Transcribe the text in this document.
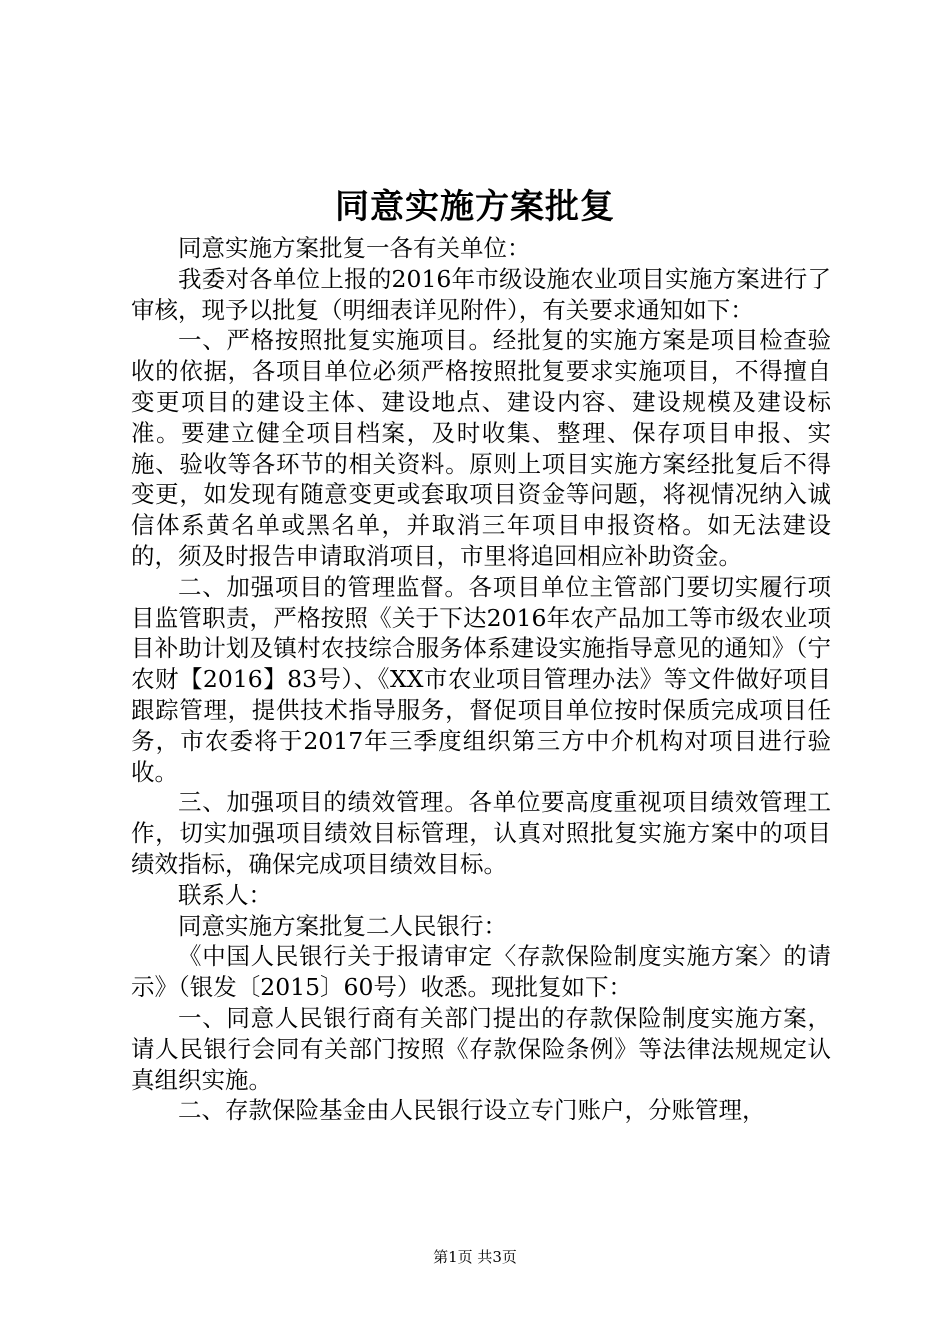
同意实施方案批复

同意实施方案批复一各有关单位：

我委对各单位上报的2016年市级设施农业项目实施方案进行了审核，现予以批复（明细表详见附件），有关要求通知如下：

一、严格按照批复实施项目。经批复的实施方案是项目检查验收的依据，各项目单位必须严格按照批复要求实施项目，不得擅自变更项目的建设主体、建设地点、建设内容、建设规模及建设标准。要建立健全项目档案，及时收集、整理、保存项目申报、实施、验收等各环节的相关资料。原则上项目实施方案经批复后不得变更，如发现有随意变更或套取项目资金等问题，将视情况纳入诚信体系黄名单或黑名单，并取消三年项目申报资格。如无法建设的，须及时报告申请取消项目，市里将追回相应补助资金。

二、加强项目的管理监督。各项目单位主管部门要切实履行项目监管职责，严格按照《关于下达2016年农产品加工等市级农业项目补助计划及镇村农技综合服务体系建设实施指导意见的通知》（宁农财【2016】83号）、《XX市农业项目管理办法》等文件做好项目跟踪管理，提供技术指导服务，督促项目单位按时保质完成项目任务，市农委将于2017年三季度组织第三方中介机构对项目进行验收。

三、加强项目的绩效管理。各单位要高度重视项目绩效管理工作，切实加强项目绩效目标管理，认真对照批复实施方案中的项目绩效指标，确保完成项目绩效目标。

联系人：

同意实施方案批复二人民银行：

《中国人民银行关于报请审定〈存款保险制度实施方案〉的请示》（银发〔2015〕60号）收悉。现批复如下：

一、同意人民银行商有关部门提出的存款保险制度实施方案，请人民银行会同有关部门按照《存款保险条例》等法律法规规定认真组织实施。

二、存款保险基金由人民银行设立专门账户，分账管理，

第1页 共3页
